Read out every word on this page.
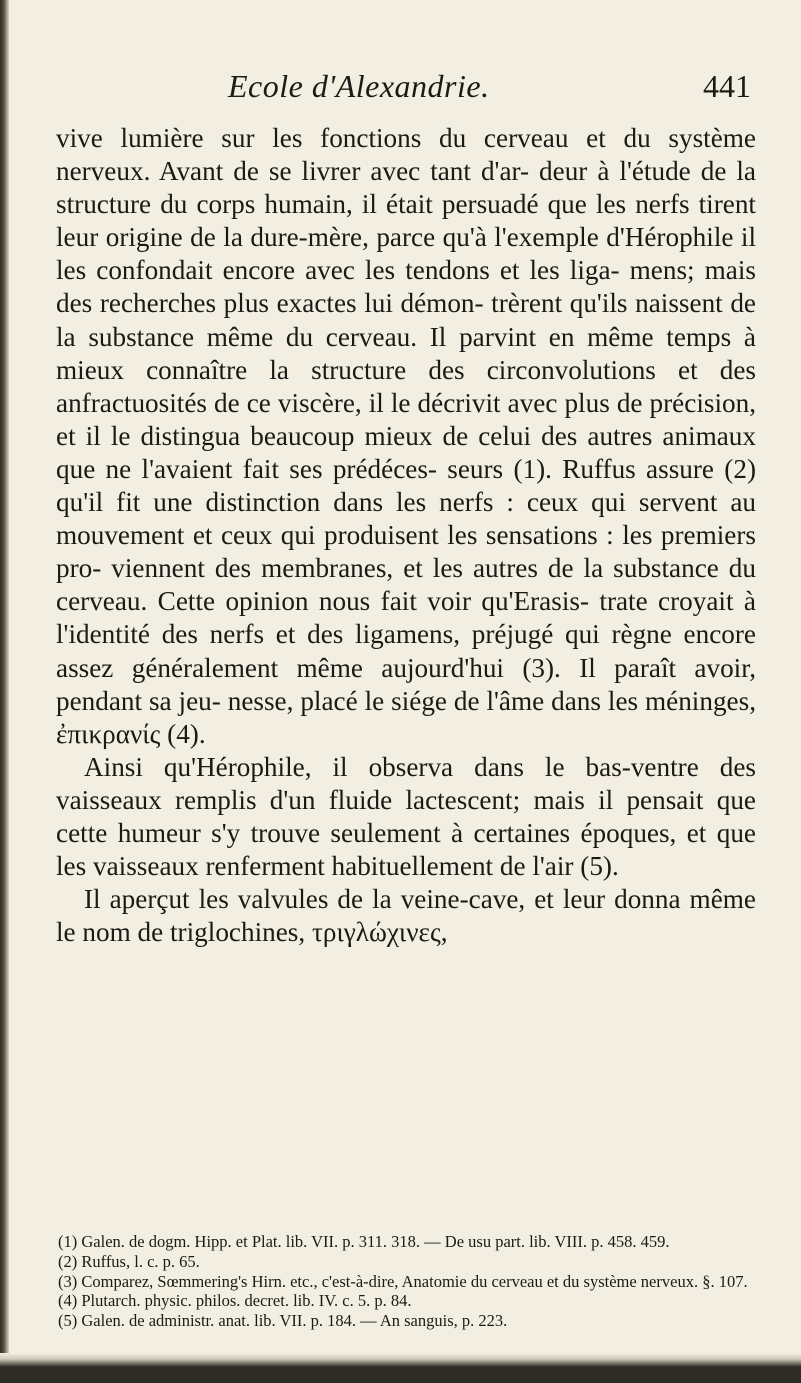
Ecole d'Alexandrie.	441

vive lumière sur les fonctions du cerveau et du système nerveux. Avant de se livrer avec tant d'ar- deur à l'étude de la structure du corps humain, il était persuadé que les nerfs tirent leur origine de la dure-mère, parce qu'à l'exemple d'Hérophile il les confondait encore avec les tendons et les liga- mens; mais des recherches plus exactes lui démon- trèrent qu'ils naissent de la substance même du cerveau. Il parvint en même temps à mieux connaître la structure des circonvolutions et des anfractuosités de ce viscère, il le décrivit avec plus de précision, et il le distingua beaucoup mieux de celui des autres animaux que ne l'avaient fait ses prédéces- seurs (1). Ruffus assure (2) qu'il fit une distinction dans les nerfs : ceux qui servent au mouvement et ceux qui produisent les sensations : les premiers pro- viennent des membranes, et les autres de la substance du cerveau. Cette opinion nous fait voir qu'Erasis- trate croyait à l'identité des nerfs et des ligamens, préjugé qui règne encore assez généralement même aujourd'hui (3). Il paraît avoir, pendant sa jeu- nesse, placé le siége de l'âme dans les méninges, ἐπικρανίς (4).

Ainsi qu'Hérophile, il observa dans le bas-ventre des vaisseaux remplis d'un fluide lactescent; mais il pensait que cette humeur s'y trouve seulement à certaines époques, et que les vaisseaux renferment habituellement de l'air (5).

Il aperçut les valvules de la veine-cave, et leur donna même le nom de triglochines, τριγλώχινες,

(1) Galen. de dogm. Hipp. et Plat. lib. VII. p. 311. 318. — De usu part. lib. VIII. p. 458. 459.

(2) Ruffus, l. c. p. 65.

(3) Comparez, Sœmmering's Hirn. etc., c'est-à-dire, Anatomie du cerveau et du système nerveux. §. 107.

(4) Plutarch. physic. philos. decret. lib. IV. c. 5. p. 84.

(5) Galen. de administr. anat. lib. VII. p. 184. — An sanguis, p. 223.
